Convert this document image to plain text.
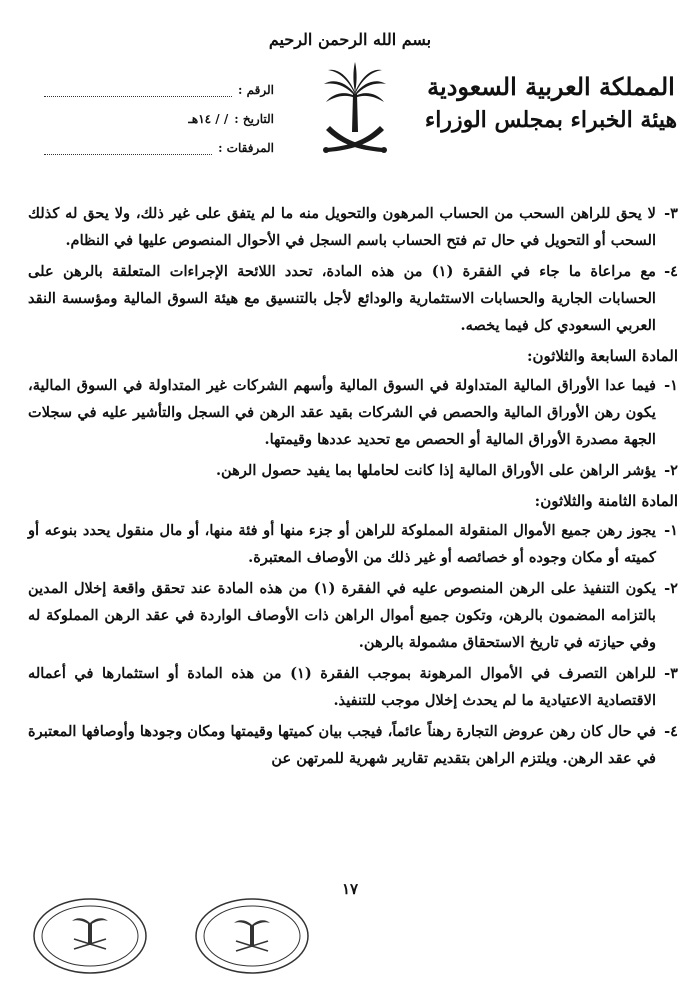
بسم الله الرحمن الرحيم
المملكة العربية السعودية
هيئة الخبراء بمجلس الوزراء
الرقم :
التاريخ :
/ / ١٤هـ
المرفقات :
٣-
لا يحق للراهن السحب من الحساب المرهون والتحويل منه ما لم يتفق على غير ذلك، ولا يحق له كذلك السحب أو التحويل في حال تم فتح الحساب باسم السجل في الأحوال المنصوص عليها في النظام.
٤-
مع مراعاة ما جاء في الفقرة (١) من هذه المادة، تحدد اللائحة الإجراءات المتعلقة بالرهن على الحسابات الجارية والحسابات الاستثمارية والودائع لأجل بالتنسيق مع هيئة السوق المالية ومؤسسة النقد العربي السعودي كل فيما يخصه.
المادة السابعة والثلاثون:
١-
فيما عدا الأوراق المالية المتداولة في السوق المالية وأسهم الشركات غير المتداولة في السوق المالية، يكون رهن الأوراق المالية والحصص في الشركات بقيد عقد الرهن في السجل والتأشير عليه في سجلات الجهة مصدرة الأوراق المالية أو الحصص مع تحديد عددها وقيمتها.
٢-
يؤشر الراهن على الأوراق المالية إذا كانت لحاملها بما يفيد حصول الرهن.
المادة الثامنة والثلاثون:
١-
يجوز رهن جميع الأموال المنقولة المملوكة للراهن أو جزء منها أو فئة منها، أو مال منقول يحدد بنوعه أو كميته أو مكان وجوده أو خصائصه أو غير ذلك من الأوصاف المعتبرة.
٢-
يكون التنفيذ على الرهن المنصوص عليه في الفقرة (١) من هذه المادة عند تحقق واقعة إخلال المدين بالتزامه المضمون بالرهن، وتكون جميع أموال الراهن ذات الأوصاف الواردة في عقد الرهن المملوكة له وفي حيازته في تاريخ الاستحقاق مشمولة بالرهن.
٣-
للراهن التصرف في الأموال المرهونة بموجب الفقرة (١) من هذه المادة أو استثمارها في أعماله الاقتصادية الاعتيادية ما لم يحدث إخلال موجب للتنفيذ.
٤-
في حال كان رهن عروض التجارة رهناً عائماً، فيجب بيان كميتها وقيمتها ومكان وجودها وأوصافها المعتبرة في عقد الرهن. ويلتزم الراهن بتقديم تقارير شهرية للمرتهن عن
١٧
